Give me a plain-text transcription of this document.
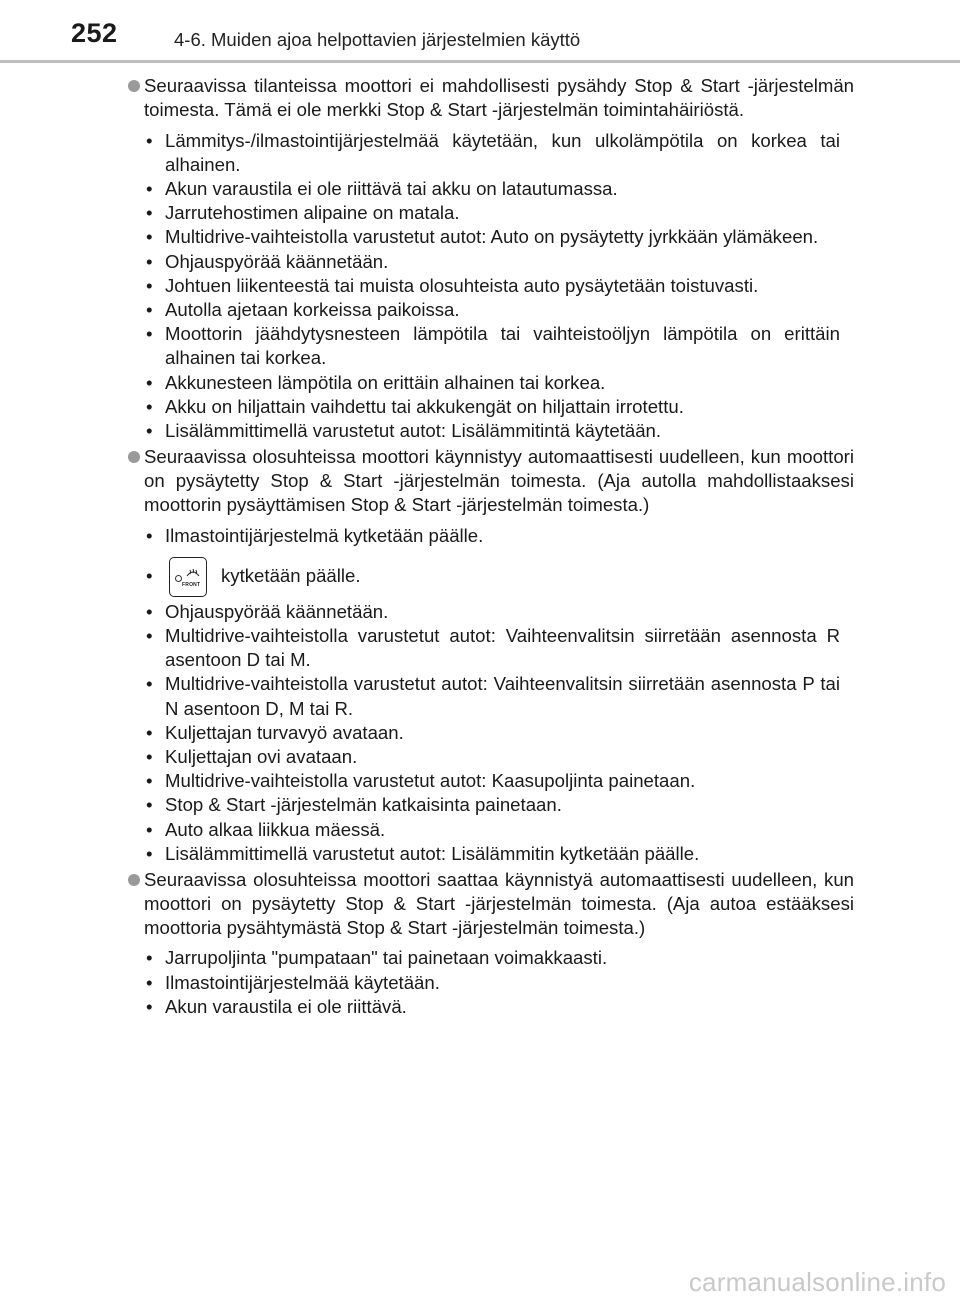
252	4-6. Muiden ajoa helpottavien järjestelmien käyttö

Seuraavissa tilanteissa moottori ei mahdollisesti pysähdy Stop & Start -järjestelmän toimesta. Tämä ei ole merkki Stop & Start -järjestelmän toimintahäiriöstä.

• Lämmitys-/ilmastointijärjestelmää käytetään, kun ulkolämpötila on korkea tai alhainen.
• Akun varaustila ei ole riittävä tai akku on latautumassa.
• Jarrutehostimen alipaine on matala.
• Multidrive-vaihteistolla varustetut autot: Auto on pysäytetty jyrkkään ylämäkeen.
• Ohjauspyörää käännetään.
• Johtuen liikenteestä tai muista olosuhteista auto pysäytetään toistuvasti.
• Autolla ajetaan korkeissa paikoissa.
• Moottorin jäähdytysnesteen lämpötila tai vaihteistoöljyn lämpötila on erittäin alhainen tai korkea.
• Akkunesteen lämpötila on erittäin alhainen tai korkea.
• Akku on hiljattain vaihdettu tai akkukengät on hiljattain irrotettu.
• Lisälämmittimellä varustetut autot: Lisälämmitintä käytetään.

Seuraavissa olosuhteissa moottori käynnistyy automaattisesti uudelleen, kun moottori on pysäytetty Stop & Start -järjestelmän toimesta. (Aja autolla mahdollistaaksesi moottorin pysäyttämisen Stop & Start -järjestelmän toimesta.)

• Ilmastointijärjestelmä kytketään päälle.
• FRONT kytketään päälle.
• Ohjauspyörää käännetään.
• Multidrive-vaihteistolla varustetut autot: Vaihteenvalitsin siirretään asennosta R asentoon D tai M.
• Multidrive-vaihteistolla varustetut autot: Vaihteenvalitsin siirretään asennosta P tai N asentoon D, M tai R.
• Kuljettajan turvavyö avataan.
• Kuljettajan ovi avataan.
• Multidrive-vaihteistolla varustetut autot: Kaasupoljinta painetaan.
• Stop & Start -järjestelmän katkaisinta painetaan.
• Auto alkaa liikkua mäessä.
• Lisälämmittimellä varustetut autot: Lisälämmitin kytketään päälle.

Seuraavissa olosuhteissa moottori saattaa käynnistyä automaattisesti uudelleen, kun moottori on pysäytetty Stop & Start -järjestelmän toimesta. (Aja autoa estääksesi moottoria pysähtymästä Stop & Start -järjestelmän toimesta.)

• Jarrupoljinta "pumpataan" tai painetaan voimakkaasti.
• Ilmastointijärjestelmää käytetään.
• Akun varaustila ei ole riittävä.
carmanualsonline.info
